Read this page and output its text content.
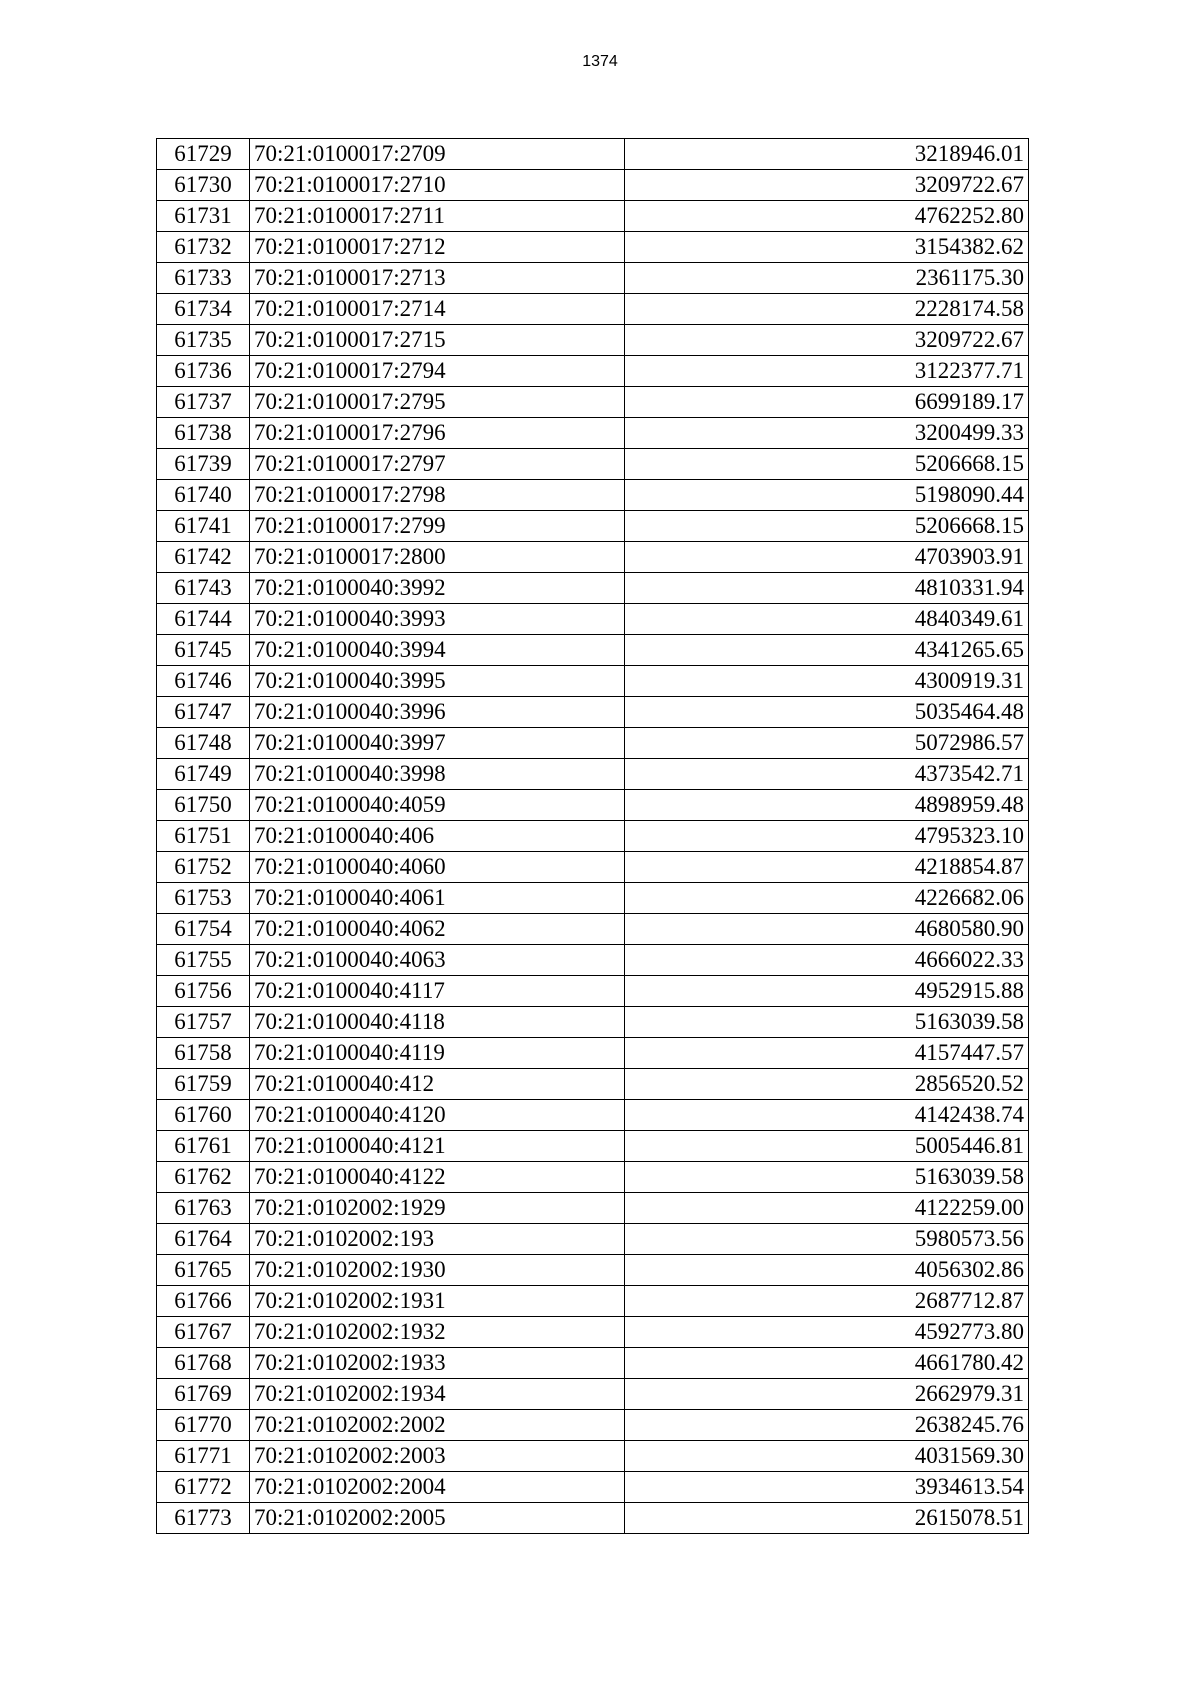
1374
61729	70:21:0100017:2709	3218946.01
61730	70:21:0100017:2710	3209722.67
61731	70:21:0100017:2711	4762252.80
61732	70:21:0100017:2712	3154382.62
61733	70:21:0100017:2713	2361175.30
61734	70:21:0100017:2714	2228174.58
61735	70:21:0100017:2715	3209722.67
61736	70:21:0100017:2794	3122377.71
61737	70:21:0100017:2795	6699189.17
61738	70:21:0100017:2796	3200499.33
61739	70:21:0100017:2797	5206668.15
61740	70:21:0100017:2798	5198090.44
61741	70:21:0100017:2799	5206668.15
61742	70:21:0100017:2800	4703903.91
61743	70:21:0100040:3992	4810331.94
61744	70:21:0100040:3993	4840349.61
61745	70:21:0100040:3994	4341265.65
61746	70:21:0100040:3995	4300919.31
61747	70:21:0100040:3996	5035464.48
61748	70:21:0100040:3997	5072986.57
61749	70:21:0100040:3998	4373542.71
61750	70:21:0100040:4059	4898959.48
61751	70:21:0100040:406	4795323.10
61752	70:21:0100040:4060	4218854.87
61753	70:21:0100040:4061	4226682.06
61754	70:21:0100040:4062	4680580.90
61755	70:21:0100040:4063	4666022.33
61756	70:21:0100040:4117	4952915.88
61757	70:21:0100040:4118	5163039.58
61758	70:21:0100040:4119	4157447.57
61759	70:21:0100040:412	2856520.52
61760	70:21:0100040:4120	4142438.74
61761	70:21:0100040:4121	5005446.81
61762	70:21:0100040:4122	5163039.58
61763	70:21:0102002:1929	4122259.00
61764	70:21:0102002:193	5980573.56
61765	70:21:0102002:1930	4056302.86
61766	70:21:0102002:1931	2687712.87
61767	70:21:0102002:1932	4592773.80
61768	70:21:0102002:1933	4661780.42
61769	70:21:0102002:1934	2662979.31
61770	70:21:0102002:2002	2638245.76
61771	70:21:0102002:2003	4031569.30
61772	70:21:0102002:2004	3934613.54
61773	70:21:0102002:2005	2615078.51
